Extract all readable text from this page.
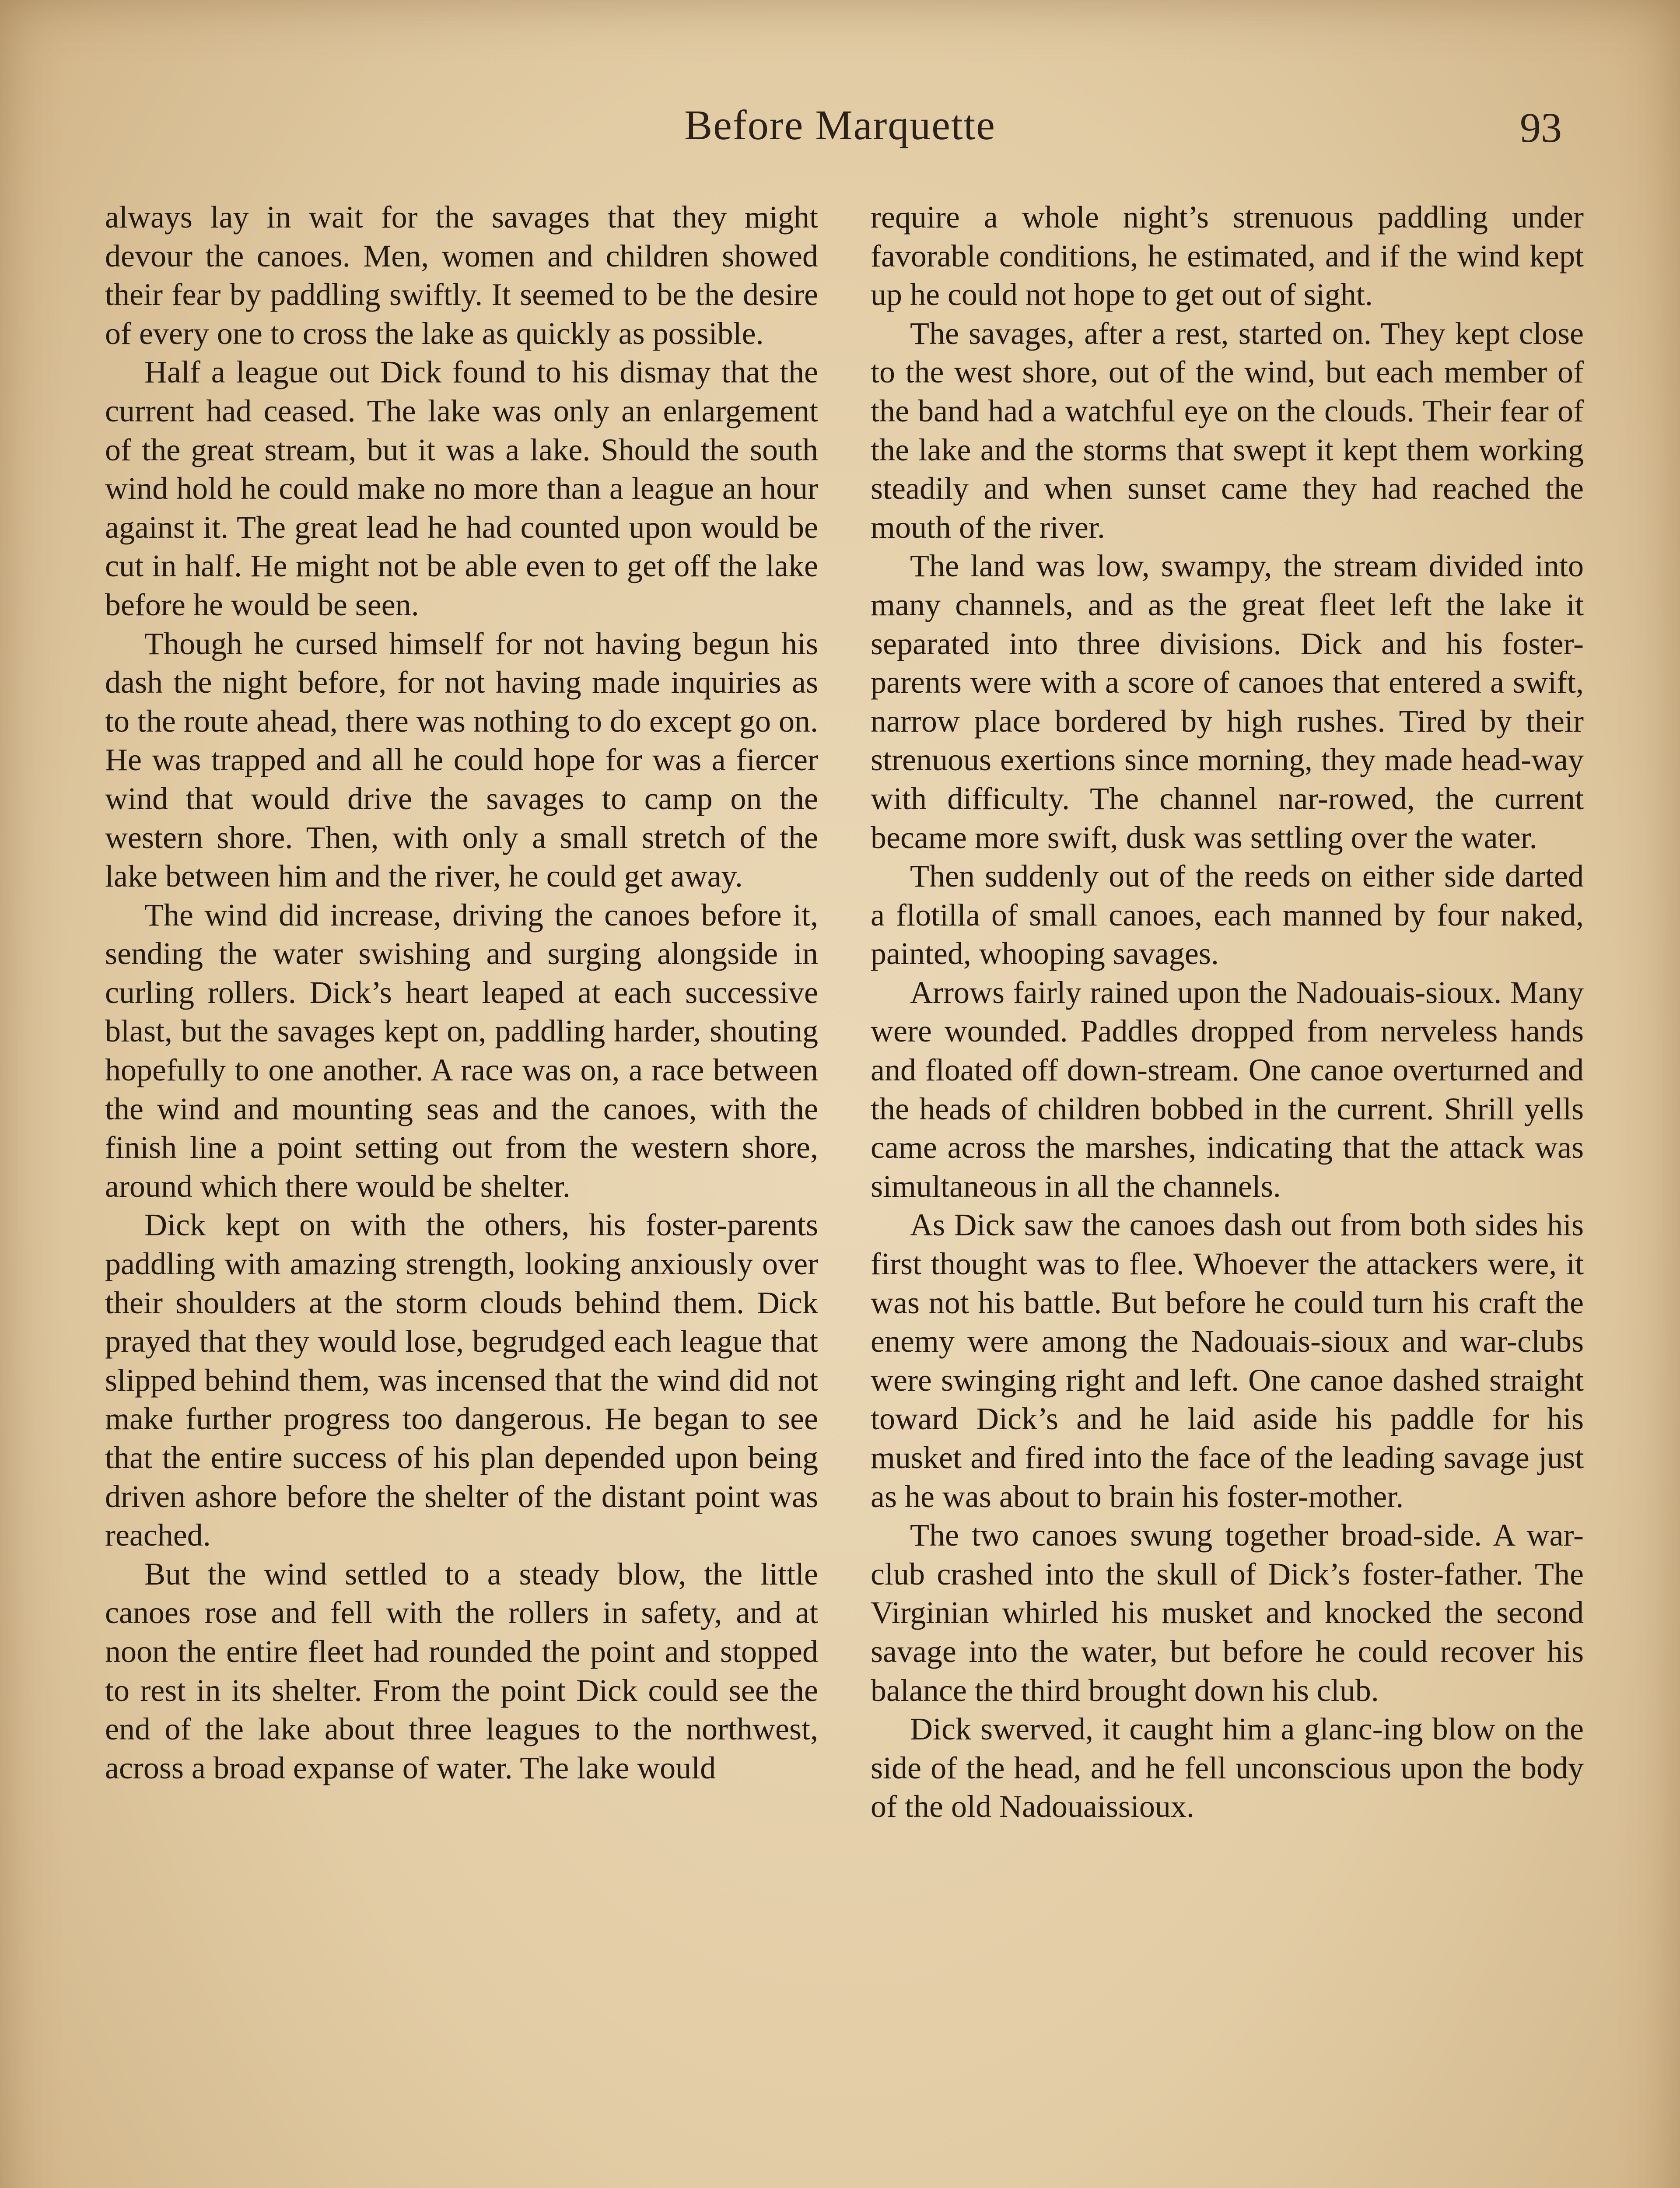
Before Marquette	93

always lay in wait for the savages that they might devour the canoes. Men, women and children showed their fear by paddling swiftly. It seemed to be the desire of every one to cross the lake as quickly as possible.

Half a league out Dick found to his dismay that the current had ceased. The lake was only an enlargement of the great stream, but it was a lake. Should the south wind hold he could make no more than a league an hour against it. The great lead he had counted upon would be cut in half. He might not be able even to get off the lake before he would be seen.

Though he cursed himself for not having begun his dash the night before, for not having made inquiries as to the route ahead, there was nothing to do except go on. He was trapped and all he could hope for was a fiercer wind that would drive the savages to camp on the western shore. Then, with only a small stretch of the lake between him and the river, he could get away.

The wind did increase, driving the canoes before it, sending the water swishing and surging alongside in curling rollers. Dick’s heart leaped at each successive blast, but the savages kept on, paddling harder, shouting hopefully to one another. A race was on, a race between the wind and mounting seas and the canoes, with the finish line a point setting out from the western shore, around which there would be shelter.

Dick kept on with the others, his foster-parents paddling with amazing strength, looking anxiously over their shoulders at the storm clouds behind them. Dick prayed that they would lose, begrudged each league that slipped behind them, was incensed that the wind did not make further progress too dangerous. He began to see that the entire success of his plan depended upon being driven ashore before the shelter of the distant point was reached.

But the wind settled to a steady blow, the little canoes rose and fell with the rollers in safety, and at noon the entire fleet had rounded the point and stopped to rest in its shelter. From the point Dick could see the end of the lake about three leagues to the northwest, across a broad expanse of water. The lake would

require a whole night’s strenuous paddling under favorable conditions, he estimated, and if the wind kept up he could not hope to get out of sight.

The savages, after a rest, started on. They kept close to the west shore, out of the wind, but each member of the band had a watchful eye on the clouds. Their fear of the lake and the storms that swept it kept them working steadily and when sunset came they had reached the mouth of the river.

The land was low, swampy, the stream divided into many channels, and as the great fleet left the lake it separated into three divisions. Dick and his foster-parents were with a score of canoes that entered a swift, narrow place bordered by high rushes. Tired by their strenuous exertions since morning, they made head-way with difficulty. The channel nar-rowed, the current became more swift, dusk was settling over the water.

Then suddenly out of the reeds on either side darted a flotilla of small canoes, each manned by four naked, painted, whooping savages.

Arrows fairly rained upon the Nadouais-sioux. Many were wounded. Paddles dropped from nerveless hands and floated off down-stream. One canoe overturned and the heads of children bobbed in the current. Shrill yells came across the marshes, indicating that the attack was simultaneous in all the channels.

As Dick saw the canoes dash out from both sides his first thought was to flee. Whoever the attackers were, it was not his battle. But before he could turn his craft the enemy were among the Nadouais-sioux and war-clubs were swinging right and left. One canoe dashed straight toward Dick’s and he laid aside his paddle for his musket and fired into the face of the leading savage just as he was about to brain his foster-mother.

The two canoes swung together broad-side. A war-club crashed into the skull of Dick’s foster-father. The Virginian whirled his musket and knocked the second savage into the water, but before he could recover his balance the third brought down his club.

Dick swerved, it caught him a glanc-ing blow on the side of the head, and he fell unconscious upon the body of the old Nadouaissioux.
